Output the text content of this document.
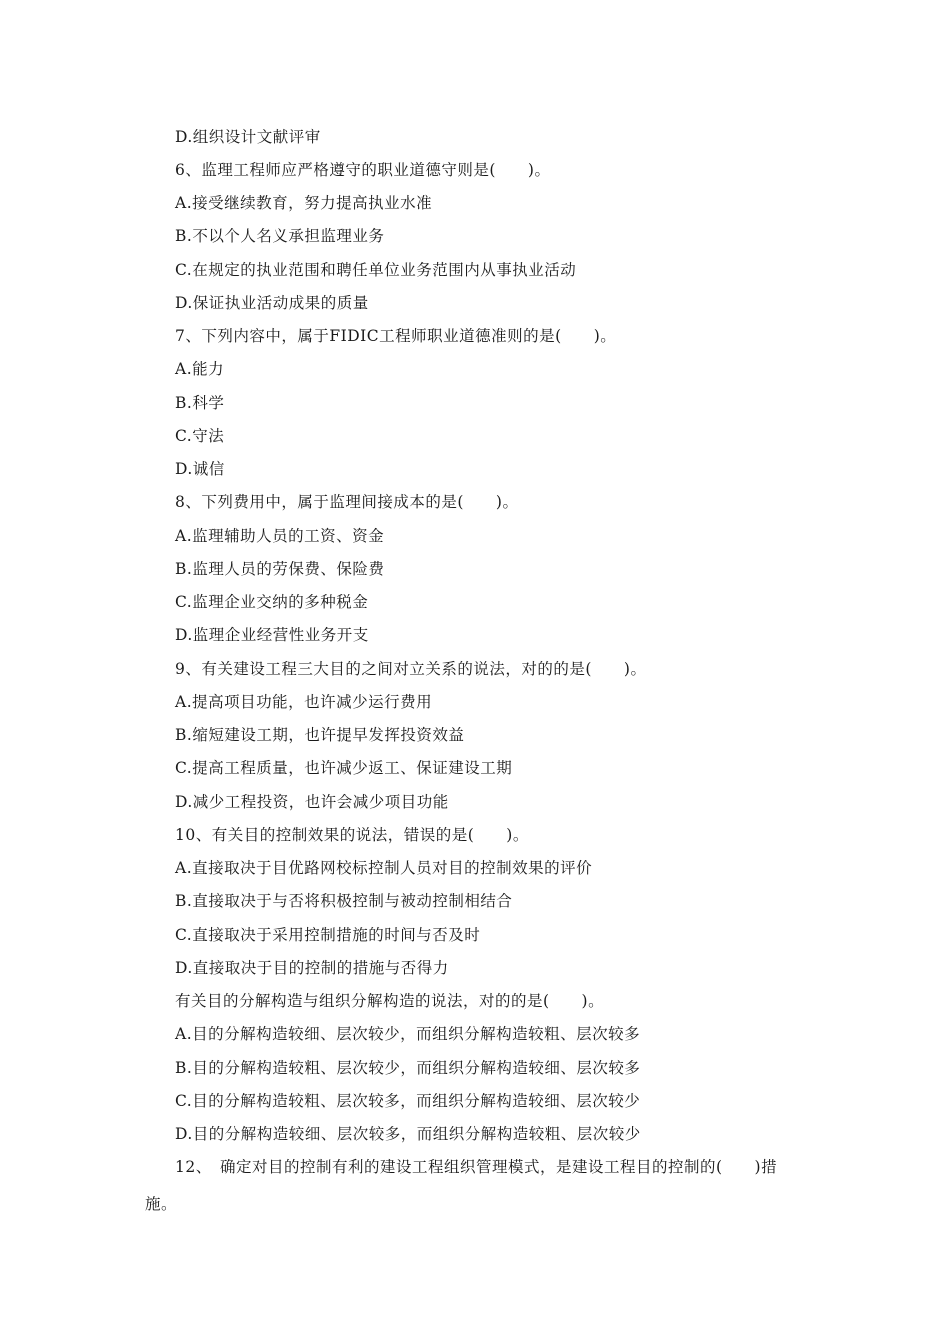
D.组织设计文献评审
6、监理工程师应严格遵守的职业道德守则是(　　)。
A.接受继续教育，努力提高执业水准
B.不以个人名义承担监理业务
C.在规定的执业范围和聘任单位业务范围内从事执业活动
D.保证执业活动成果的质量
7、下列内容中，属于FIDIC工程师职业道德准则的是(　　)。
A.能力
B.科学
C.守法
D.诚信
8、下列费用中，属于监理间接成本的是(　　)。
A.监理辅助人员的工资、资金
B.监理人员的劳保费、保险费
C.监理企业交纳的多种税金
D.监理企业经营性业务开支
9、有关建设工程三大目的之间对立关系的说法，对的的是(　　)。
A.提高项目功能，也许减少运行费用
B.缩短建设工期，也许提早发挥投资效益
C.提高工程质量，也许减少返工、保证建设工期
D.减少工程投资，也许会减少项目功能
10、有关目的控制效果的说法，错误的是(　　)。
A.直接取决于目优路网校标控制人员对目的控制效果的评价
B.直接取决于与否将积极控制与被动控制相结合
C.直接取决于采用控制措施的时间与否及时
D.直接取决于目的控制的措施与否得力
有关目的分解构造与组织分解构造的说法，对的的是(　　)。
A.目的分解构造较细、层次较少，而组织分解构造较粗、层次较多
B.目的分解构造较粗、层次较少，而组织分解构造较细、层次较多
C.目的分解构造较粗、层次较多，而组织分解构造较细、层次较少
D.目的分解构造较细、层次较多，而组织分解构造较粗、层次较少
12、　确定对目的控制有利的建设工程组织管理模式，是建设工程目的控制的(　　)措
施。
